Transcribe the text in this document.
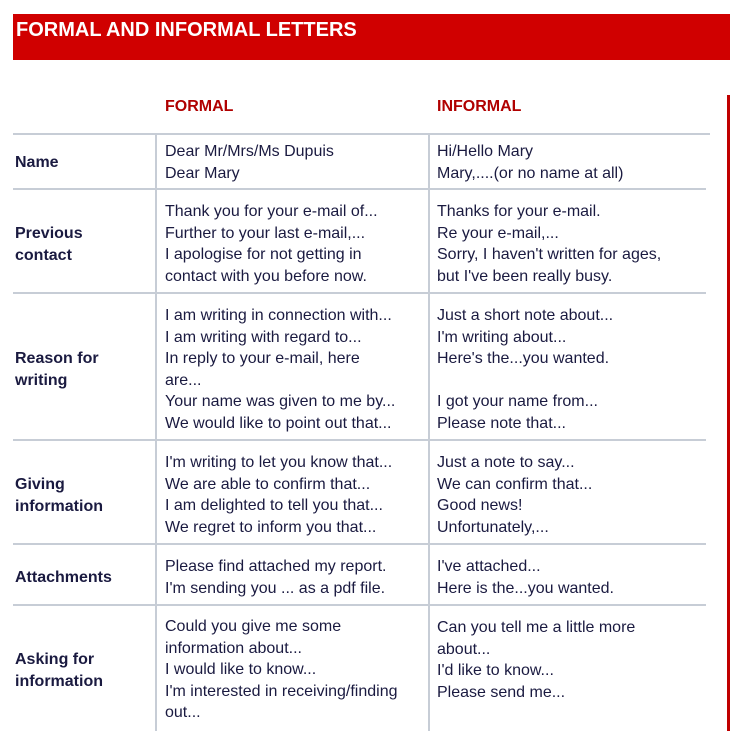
FORMAL AND INFORMAL LETTERS
FORMAL	INFORMAL
Name
Dear Mr/Mrs/Ms Dupuis
Dear Mary
Hi/Hello Mary
Mary,....(or no name at all)
Previous
contact
Thank you for your e-mail of...
Further to your last e-mail,...
I apologise for not getting in
contact with you before now.
Thanks for your e-mail.
Re your e-mail,...
Sorry, I haven't written for ages,
but I've been really busy.
Reason for
writing
I am writing in connection with...
I am writing with regard to...
In reply to your e-mail, here
are...
Your name was given to me by...
We would like to point out that...
Just a short note about...
I'm writing about...
Here's the...you wanted.
I got your name from...
Please note that...
Giving
information
I'm writing to let you know that...
We are able to confirm that...
I am delighted to tell you that...
We regret to inform you that...
Just a note to say...
We can confirm that...
Good news!
Unfortunately,...
Attachments
Please find attached my report.
I'm sending you ... as a pdf file.
I've attached...
Here is the...you wanted.
Asking for
information
Could you give me some
information about...
I would like to know...
I'm interested in receiving/finding
out...
Can you tell me a little more
about...
I'd like to know...
Please send me...
